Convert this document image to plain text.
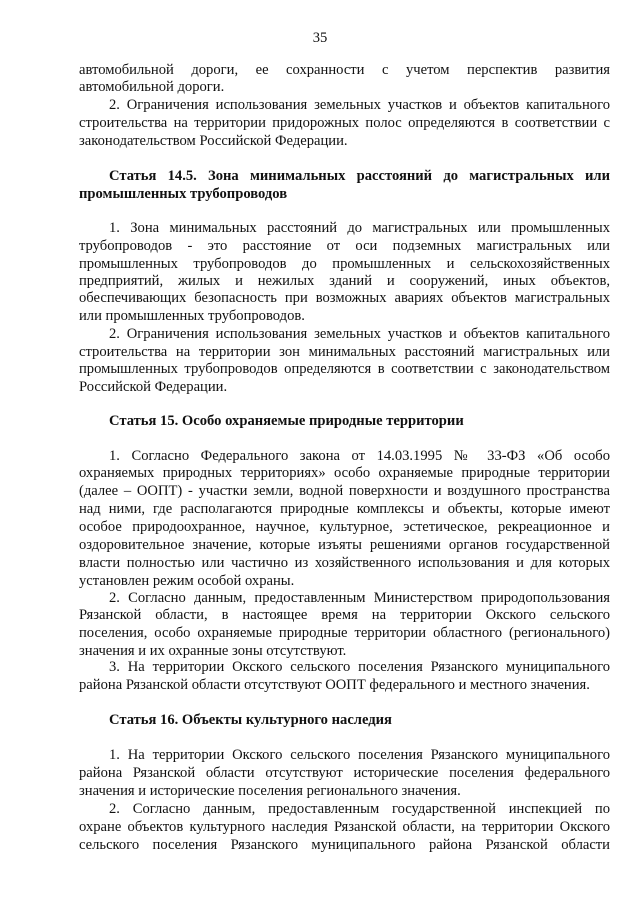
35
автомобильной дороги, ее сохранности с учетом перспектив развития
автомобильной дороги.
2. Ограничения использования земельных участков и объектов капитального
строительства на территории придорожных полос определяются в соответствии с
законодательством Российской Федерации.
Статья 14.5. Зона минимальных расстояний до магистральных или
промышленных трубопроводов
1. Зона минимальных расстояний до магистральных или промышленных
трубопроводов - это расстояние от оси подземных магистральных или
промышленных трубопроводов до промышленных и сельскохозяйственных
предприятий, жилых и нежилых зданий и сооружений, иных объектов,
обеспечивающих безопасность при возможных авариях объектов магистральных
или промышленных трубопроводов.
2. Ограничения использования земельных участков и объектов капитального
строительства на территории зон минимальных расстояний магистральных или
промышленных трубопроводов определяются в соответствии с законодательством
Российской Федерации.
Статья 15. Особо охраняемые природные территории
1. Согласно Федерального закона от 14.03.1995 № 33-ФЗ «Об особо
охраняемых природных территориях» особо охраняемые природные территории
(далее – ООПТ) - участки земли, водной поверхности и воздушного пространства
над ними, где располагаются природные комплексы и объекты, которые имеют
особое природоохранное, научное, культурное, эстетическое, рекреационное и
оздоровительное значение, которые изъяты решениями органов государственной
власти полностью или частично из хозяйственного использования и для которых
установлен режим особой охраны.
2. Согласно данным, предоставленным Министерством природопользования
Рязанской области, в настоящее время на территории Окского сельского
поселения, особо охраняемые природные территории областного (регионального)
значения и их охранные зоны отсутствуют.
3. На территории Окского сельского поселения Рязанского муниципального
района Рязанской области отсутствуют ООПТ федерального и местного значения.
Статья 16. Объекты культурного наследия
1. На территории Окского сельского поселения Рязанского муниципального
района Рязанской области отсутствуют исторические поселения федерального
значения и исторические поселения регионального значения.
2. Согласно данным, предоставленным государственной инспекцией по
охране объектов культурного наследия Рязанской области, на территории Окского
сельского поселения Рязанского муниципального района Рязанской области
